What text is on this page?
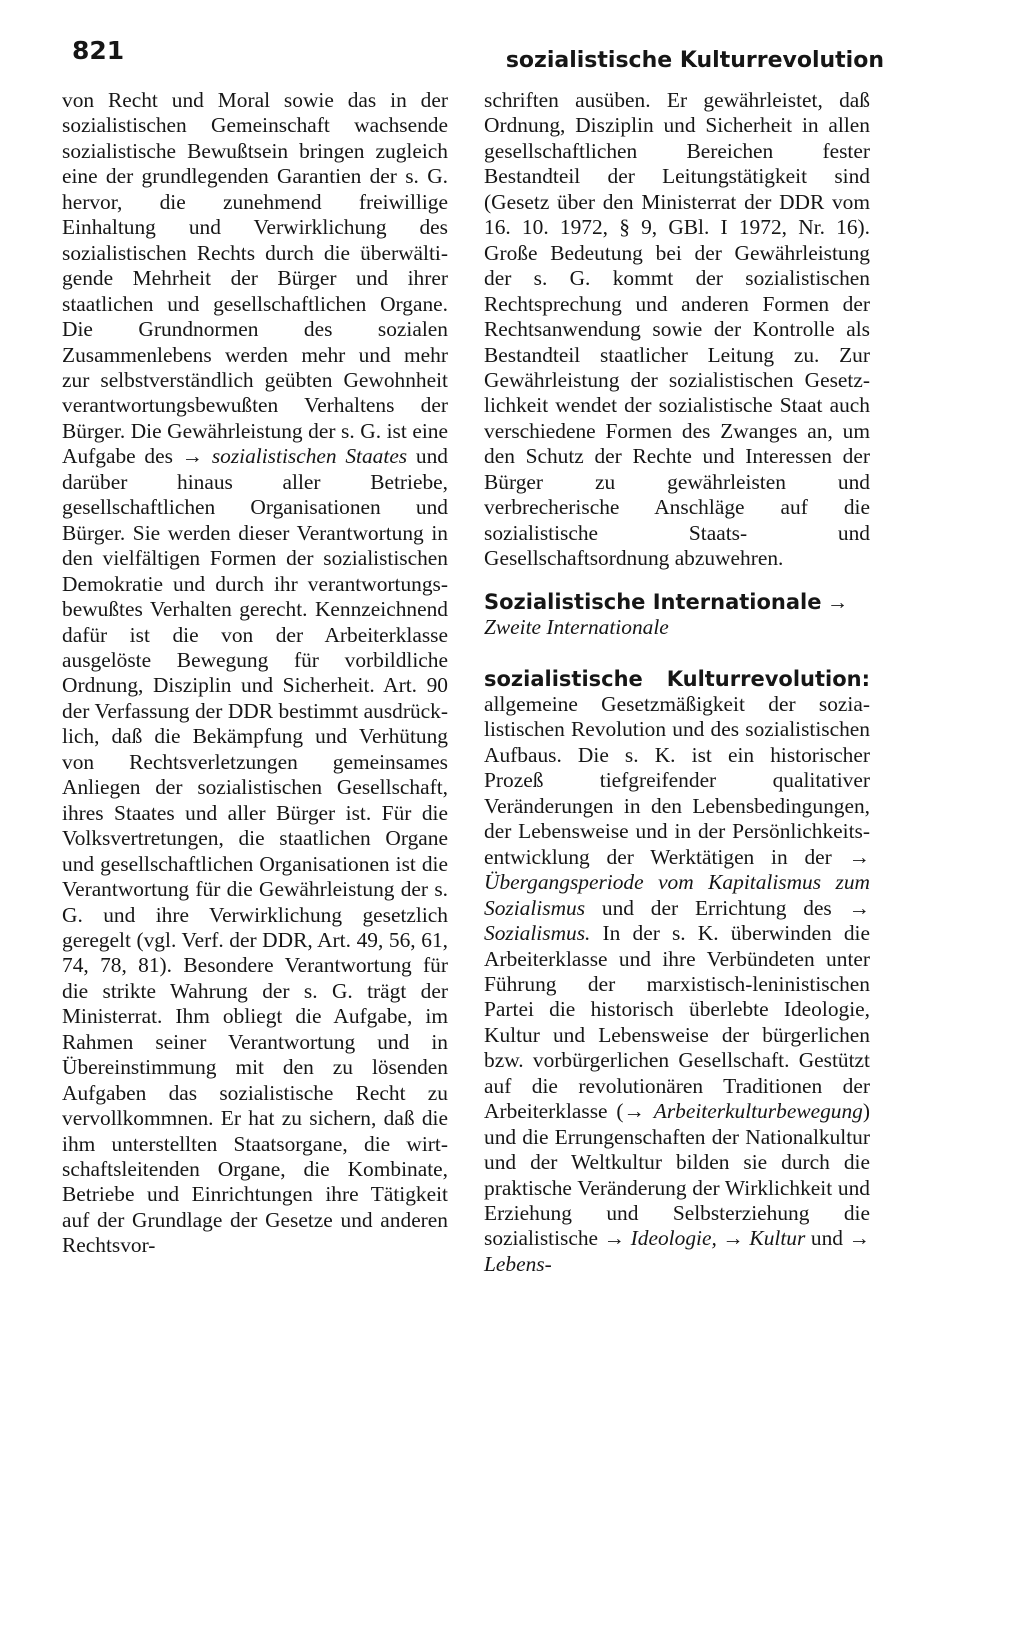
821	sozialistische Kulturrevolution

von Recht und Moral sowie das in der sozialistischen Gemeinschaft wachsende sozialistische Bewußtsein bringen zugleich eine der grundlegenden Garantien der s. G. hervor, die zunehmend freiwillige Einhaltung und Verwirklichung des sozialistischen Rechts durch die überwältigende Mehrheit der Bürger und ihrer staatlichen und gesellschaftlichen Organe. Die Grundnormen des sozialen Zusammenlebens werden mehr und mehr zur selbstverständlich geübten Gewohnheit verantwortungsbewußten Verhaltens der Bürger. Die Gewährleistung der s. G. ist eine Aufgabe des → sozialistischen Staates und darüber hinaus aller Betriebe, gesellschaftlichen Organisationen und Bürger. Sie werden dieser Verantwortung in den vielfältigen Formen der sozialistischen Demokratie und durch ihr verantwortungsbewußtes Verhalten gerecht. Kennzeichnend dafür ist die von der Arbeiterklasse ausgelöste Bewegung für vorbildliche Ordnung, Disziplin und Sicherheit. Art. 90 der Verfassung der DDR bestimmt ausdrücklich, daß die Bekämpfung und Verhütung von Rechtsverletzungen gemeinsames Anliegen der sozialistischen Gesellschaft, ihres Staates und aller Bürger ist. Für die Volksvertretungen, die staatlichen Organe und gesellschaftlichen Organisationen ist die Verantwortung für die Gewährleistung der s. G. und ihre Verwirklichung gesetzlich geregelt (vgl. Verf. der DDR, Art. 49, 56, 61, 74, 78, 81). Besondere Verantwortung für die strikte Wahrung der s. G. trägt der Ministerrat. Ihm obliegt die Aufgabe, im Rahmen seiner Verantwortung und in Übereinstimmung mit den zu lösenden Aufgaben das sozialistische Recht zu vervollkommnen. Er hat zu sichern, daß die ihm unterstellten Staatsorgane, die wirtschaftsleitenden Organe, die Kombinate, Betriebe und Einrichtungen ihre Tätigkeit auf der Grundlage der Gesetze und anderen Rechtsvor-

schriften ausüben. Er gewährleistet, daß Ordnung, Disziplin und Sicherheit in allen gesellschaftlichen Bereichen fester Bestandteil der Leitungstätigkeit sind (Gesetz über den Ministerrat der DDR vom 16. 10. 1972, § 9, GBl. I 1972, Nr. 16). Große Bedeutung bei der Gewährleistung der s. G. kommt der sozialistischen Rechtsprechung und anderen Formen der Rechtsanwendung sowie der Kontrolle als Bestandteil staatlicher Leitung zu. Zur Gewährleistung der sozialistischen Gesetzlichkeit wendet der sozialistische Staat auch verschiedene Formen des Zwanges an, um den Schutz der Rechte und Interessen der Bürger zu gewährleisten und verbrecherische Anschläge auf die sozialistische Staats- und Gesellschaftsordnung abzuwehren.

Sozialistische Internationale →
Zweite Internationale

sozialistische Kulturrevolution: allgemeine Gesetzmäßigkeit der sozialistischen Revolution und des sozialistischen Aufbaus. Die s. K. ist ein historischer Prozeß tiefgreifender qualitativer Veränderungen in den Lebensbedingungen, der Lebensweise und in der Persönlichkeitsentwicklung der Werktätigen in der → Übergangsperiode vom Kapitalismus zum Sozialismus und der Errichtung des → Sozialismus. In der s. K. überwinden die Arbeiterklasse und ihre Verbündeten unter Führung der marxistisch-leninistischen Partei die historisch überlebte Ideologie, Kultur und Lebensweise der bürgerlichen bzw. vorbürgerlichen Gesellschaft. Gestützt auf die revolutionären Traditionen der Arbeiterklasse (→ Arbeiterkulturbewegung) und die Errungenschaften der Nationalkultur und der Weltkultur bilden sie durch die praktische Veränderung der Wirklichkeit und Erziehung und Selbsterziehung die sozialistische → Ideologie, → Kultur und → Lebens-
